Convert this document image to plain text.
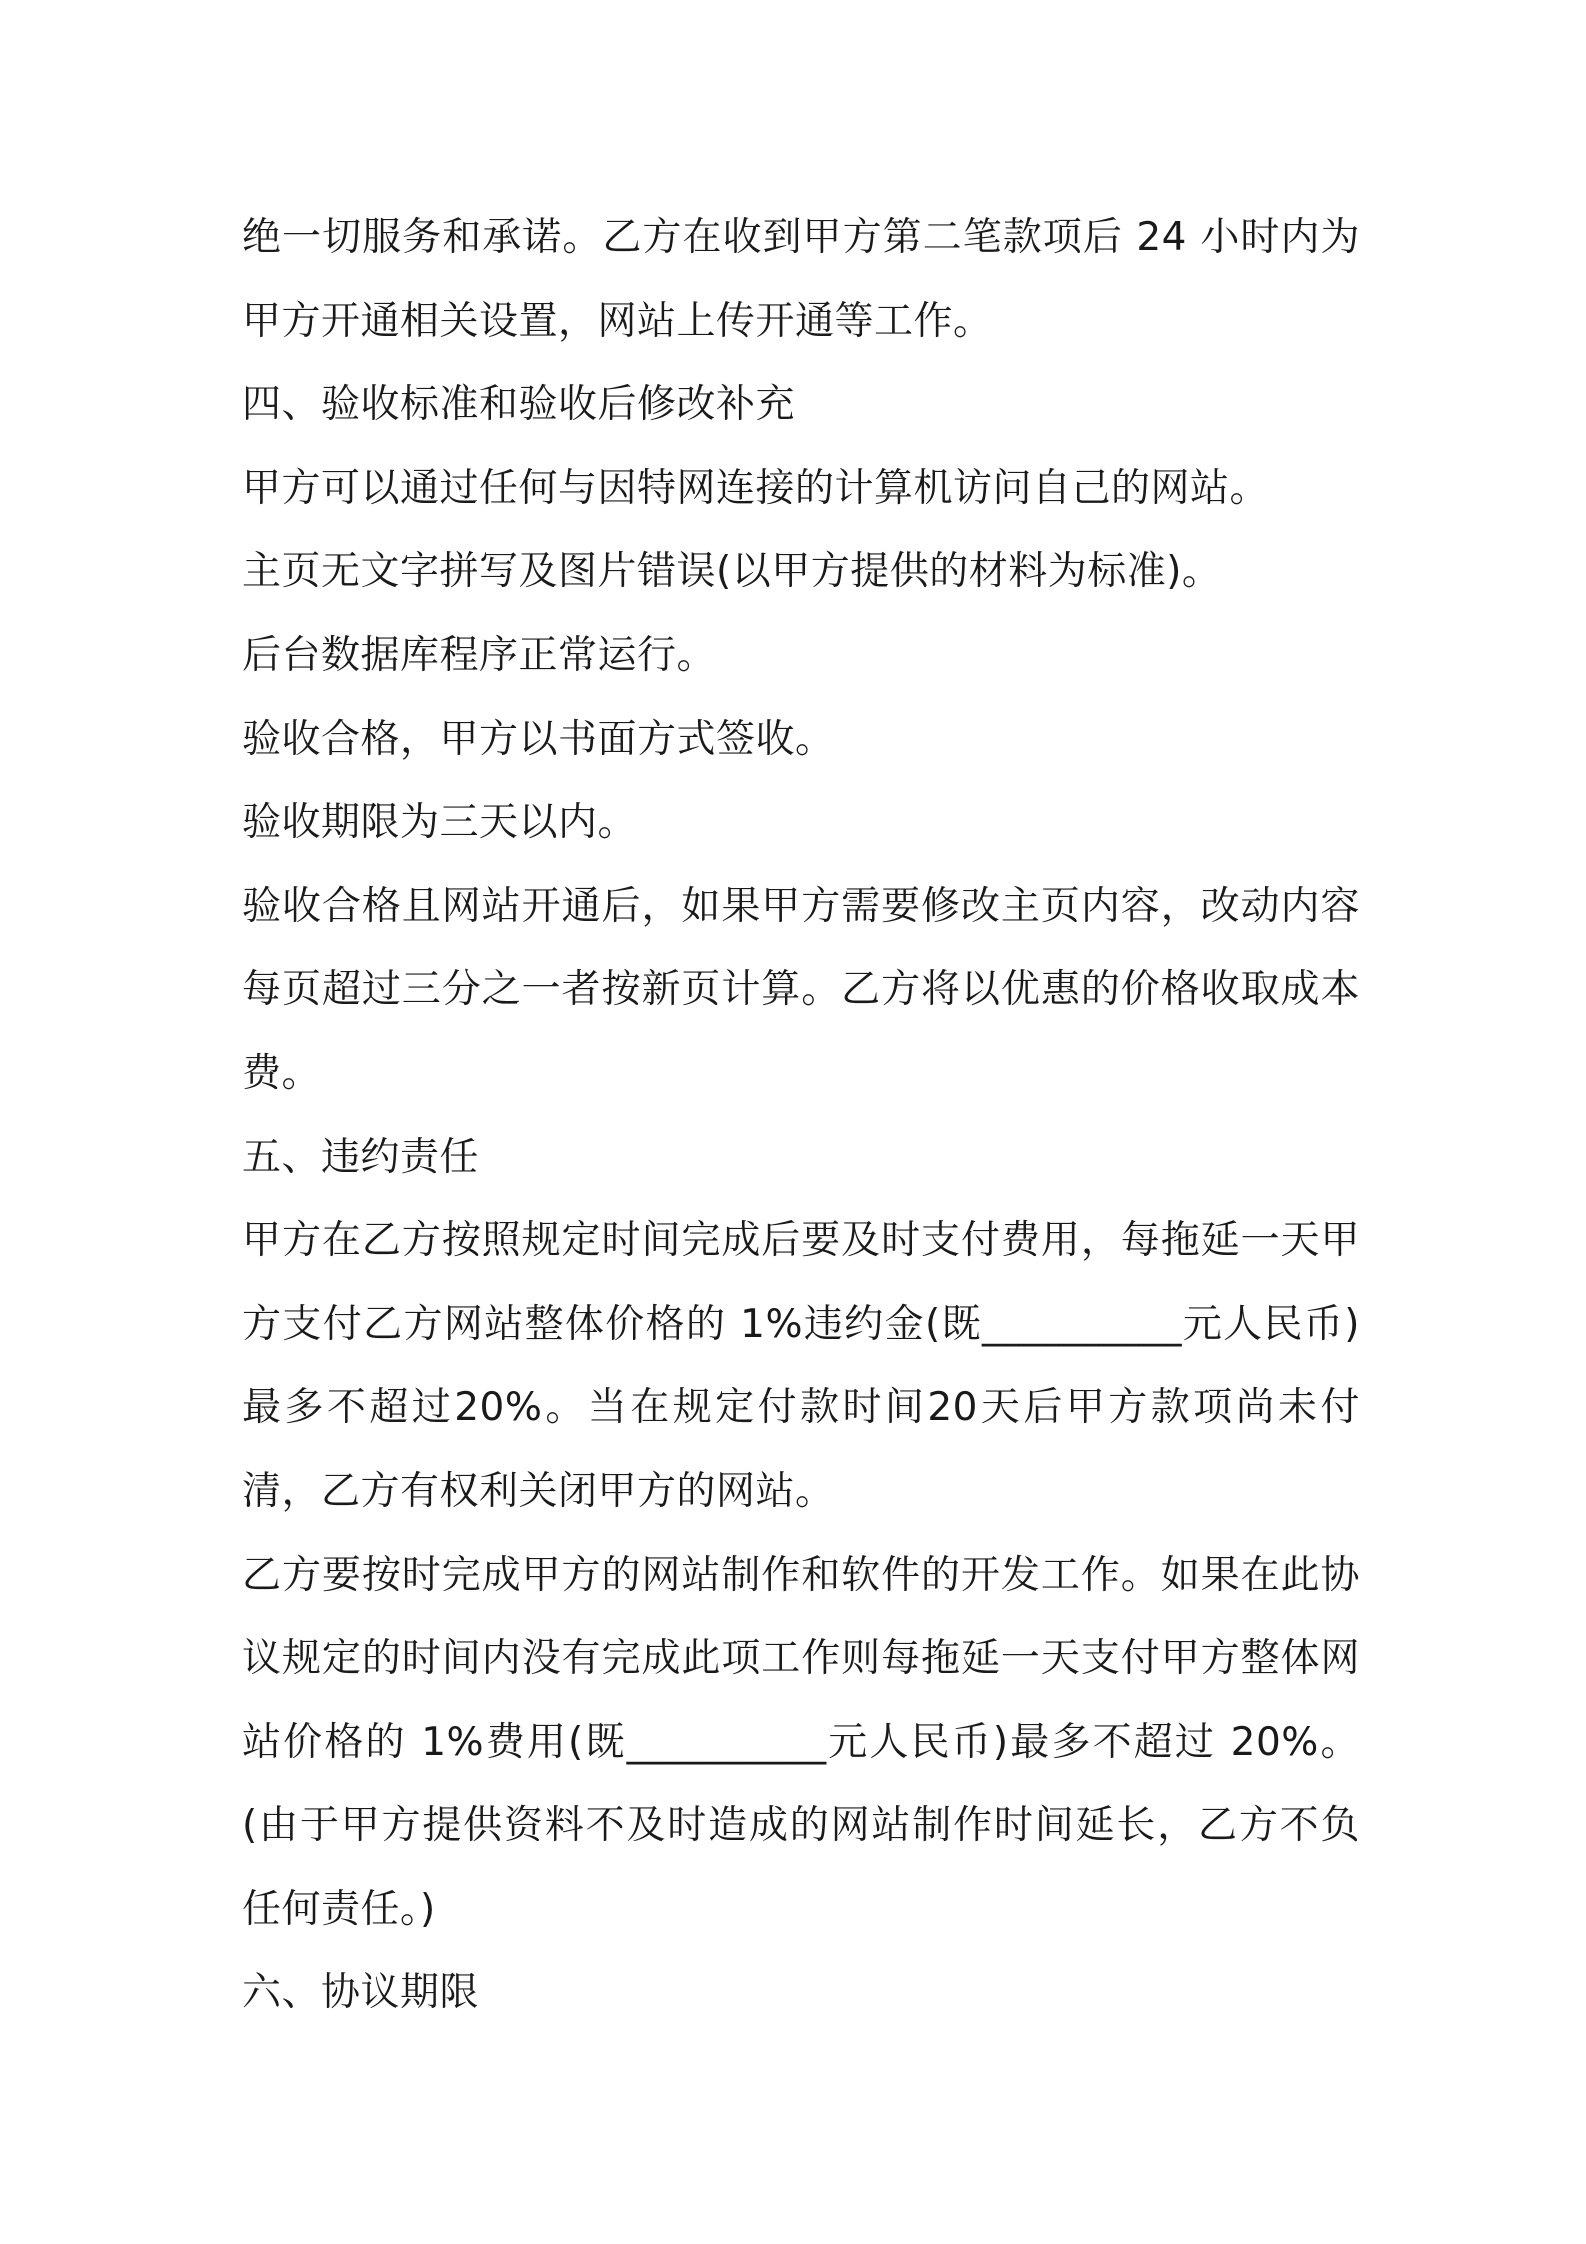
绝一切服务和承诺。乙方在收到甲方第二笔款项后 24 小时内为甲方开通相关设置，网站上传开通等工作。

四、验收标准和验收后修改补充

甲方可以通过任何与因特网连接的计算机访问自己的网站。

主页无文字拼写及图片错误(以甲方提供的材料为标准)。

后台数据库程序正常运行。

验收合格，甲方以书面方式签收。

验收期限为三天以内。

验收合格且网站开通后，如果甲方需要修改主页内容，改动内容每页超过三分之一者按新页计算。乙方将以优惠的价格收取成本费。

五、违约责任

甲方在乙方按照规定时间完成后要及时支付费用，每拖延一天甲方支付乙方网站整体价格的 1%违约金(既__________元人民币)最多不超过20%。当在规定付款时间20天后甲方款项尚未付清，乙方有权利关闭甲方的网站。

乙方要按时完成甲方的网站制作和软件的开发工作。如果在此协议规定的时间内没有完成此项工作则每拖延一天支付甲方整体网站价格的 1%费用(既__________元人民币)最多不超过 20%。(由于甲方提供资料不及时造成的网站制作时间延长，乙方不负任何责任。)

六、协议期限
